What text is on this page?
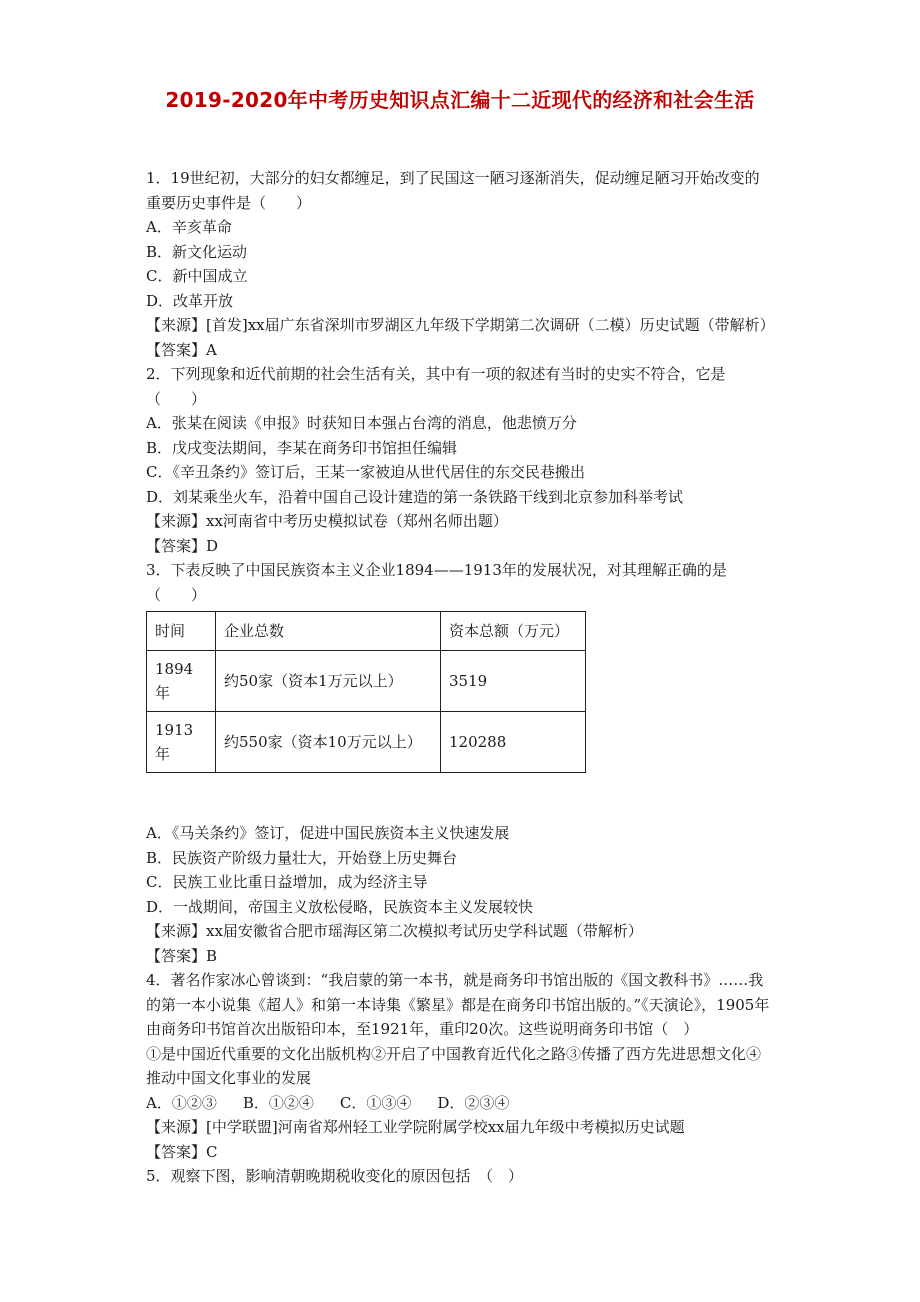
2019-2020年中考历史知识点汇编十二近现代的经济和社会生活
1．19世纪初，大部分的妇女都缠足，到了民国这一陋习逐渐消失，促动缠足陋习开始改变的重要历史事件是（　　）
A．辛亥革命
B．新文化运动
C．新中国成立
D．改革开放
【来源】[首发]xx届广东省深圳市罗湖区九年级下学期第二次调研（二模）历史试题（带解析）
【答案】A
2．下列现象和近代前期的社会生活有关，其中有一项的叙述有当时的史实不符合，它是　（　　）
A．张某在阅读《申报》时获知日本强占台湾的消息，他悲愤万分
B．戊戌变法期间，李某在商务印书馆担任编辑
C．《辛丑条约》签订后，王某一家被迫从世代居住的东交民巷搬出
D．刘某乘坐火车，沿着中国自己设计建造的第一条铁路干线到北京参加科举考试
【来源】xx河南省中考历史模拟试卷（郑州名师出题）
【答案】D
3．下表反映了中国民族资本主义企业1894——1913年的发展状况，对其理解正确的是（　　）
时间	企业总数	资本总额（万元）
1894年	约50家（资本1万元以上）	3519
1913年	约550家（资本10万元以上）	120288
A．《马关条约》签订，促进中国民族资本主义快速发展
B．民族资产阶级力量壮大，开始登上历史舞台
C．民族工业比重日益增加，成为经济主导
D．一战期间，帝国主义放松侵略，民族资本主义发展较快
【来源】xx届安徽省合肥市瑶海区第二次模拟考试历史学科试题（带解析）
【答案】B
4．著名作家冰心曾谈到：“我启蒙的第一本书，就是商务印书馆出版的《国文教科书》……我的第一本小说集《超人》和第一本诗集《繁星》都是在商务印书馆出版的。”《天演论》，1905年由商务印书馆首次出版铅印本，至1921年，重印20次。这些说明商务印书馆（　）
①是中国近代重要的文化出版机构②开启了中国教育近代化之路③传播了西方先进思想文化④推动中国文化事业的发展
A．①②③ B．①②④ C．①③④ D．②③④
【来源】[中学联盟]河南省郑州轻工业学院附属学校xx届九年级中考模拟历史试题
【答案】C
5．观察下图，影响清朝晚期税收变化的原因包括　（　）
